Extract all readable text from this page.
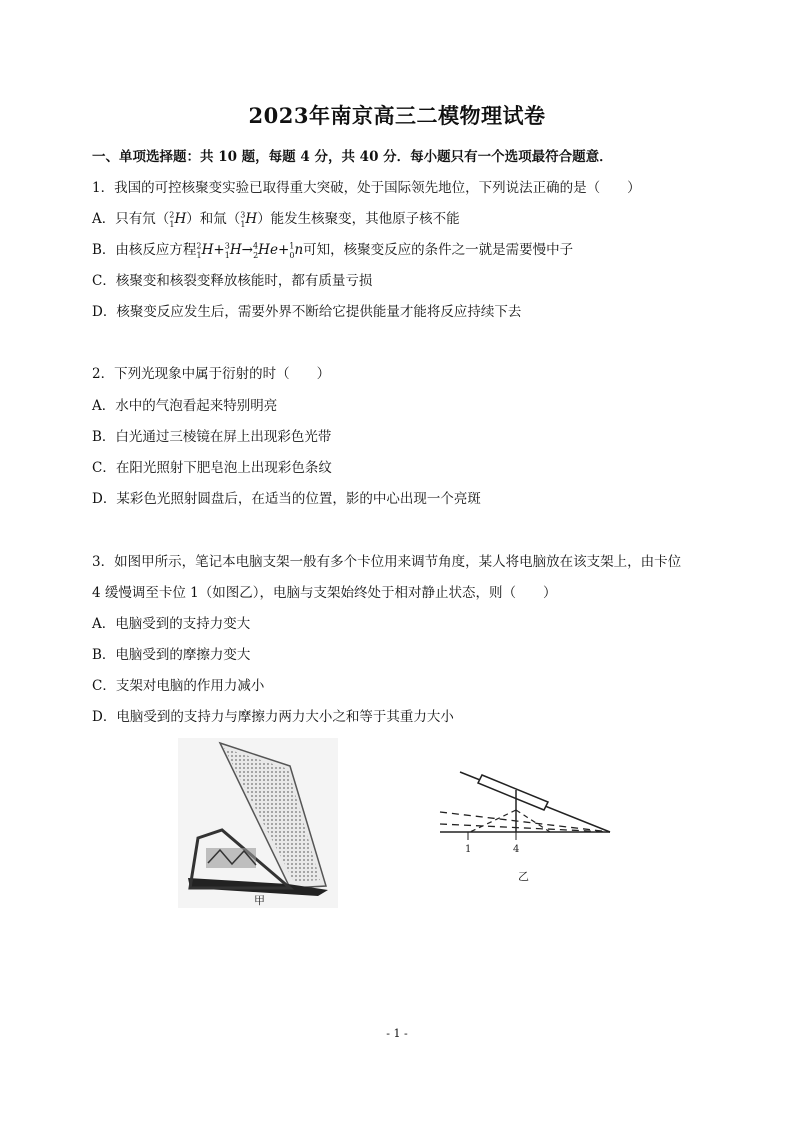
2023年南京高三二模物理试卷
一、单项选择题：共 10 题，每题 4 分，共 40 分．每小题只有一个选项最符合题意．
1．我国的可控核聚变实验已取得重大突破，处于国际领先地位，下列说法正确的是（　　）
A．只有氘（$^2_1$H）和氚（$^3_1$H）能发生核聚变，其他原子核不能
B．由核反应方程$^2_1$H+$^3_1$H→$^4_2$He+$^1_0$n可知，核聚变反应的条件之一就是需要慢中子
C．核聚变和核裂变释放核能时，都有质量亏损
D．核聚变反应发生后，需要外界不断给它提供能量才能将反应持续下去
2．下列光现象中属于衍射的时（　　）
A．水中的气泡看起来特别明亮
B．白光通过三棱镜在屏上出现彩色光带
C．在阳光照射下肥皂泡上出现彩色条纹
D．某彩色光照射圆盘后，在适当的位置，影的中心出现一个亮斑
3．如图甲所示，笔记本电脑支架一般有多个卡位用来调节角度，某人将电脑放在该支架上，由卡位
4 缓慢调至卡位 1（如图乙），电脑与支架始终处于相对静止状态，则（　　）
A．电脑受到的支持力变大
B．电脑受到的摩擦力变大
C．支架对电脑的作用力减小
D．电脑受到的支持力与摩擦力两力大小之和等于其重力大小
甲
1	4
乙
- 1 -
